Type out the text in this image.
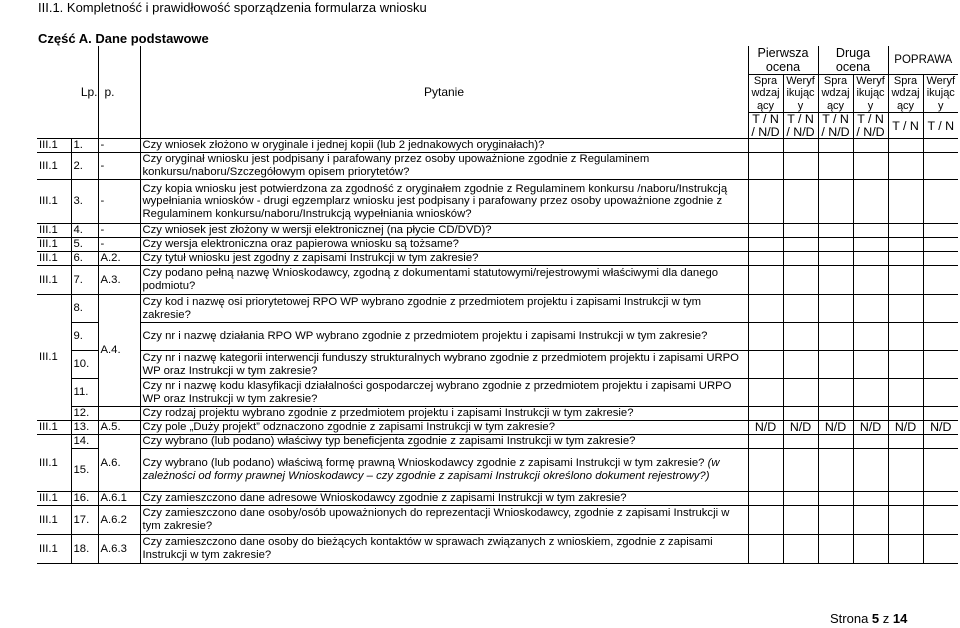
III.1. Kompletność i prawidłowość sporządzenia formularza wniosku
Część A. Dane podstawowe
Lp.		p.	Pytanie	Pierwsza ocena		Druga ocena		POPRAWA	
				Spra wdzaj ący	Weryf ikując y	Spra wdzaj ący	Weryf ikując y	Spra wdzaj ący	Weryf ikując y
				T / N / N/D	T / N / N/D	T / N / N/D	T / N / N/D	T / N	T / N
III.1	1.	-	Czy wniosek złożono w oryginale i jednej kopii (lub 2 jednakowych oryginałach)?						
III.1	2.	-	Czy oryginał wniosku jest podpisany i parafowany przez osoby upoważnione zgodnie z Regulaminem konkursu/naboru/Szczegółowym opisem priorytetów?						
III.1	3.	-	Czy kopia wniosku jest potwierdzona za zgodność z oryginałem zgodnie z Regulaminem konkursu /naboru/Instrukcją wypełniania wniosków - drugi egzemplarz wniosku jest podpisany i parafowany przez osoby upoważnione zgodnie z Regulaminem konkursu/naboru/Instrukcją wypełniania wniosków?						
III.1	4.	-	Czy wniosek jest złożony w wersji elektronicznej (na płycie CD/DVD)?						
III.1	5.	-	Czy wersja elektroniczna oraz papierowa wniosku są tożsame?						
III.1	6.	A.2.	Czy tytuł wniosku jest zgodny z zapisami Instrukcji w tym zakresie?						
III.1	7.	A.3.	Czy podano pełną nazwę Wnioskodawcy, zgodną z dokumentami statutowymi/rejestrowymi właściwymi dla danego podmiotu?						
III.1	8.	A.4.	Czy kod i nazwę osi priorytetowej RPO WP wybrano zgodnie z przedmiotem projektu i zapisami Instrukcji w tym zakresie?						
	9.		Czy nr i nazwę działania RPO WP wybrano zgodnie z przedmiotem projektu i zapisami Instrukcji w tym zakresie?						
	10.		Czy nr i nazwę kategorii interwencji funduszy strukturalnych wybrano zgodnie z przedmiotem projektu i zapisami URPO WP oraz Instrukcji w tym zakresie?						
	11.		Czy nr i nazwę kodu klasyfikacji działalności gospodarczej wybrano zgodnie z przedmiotem projektu i zapisami URPO WP oraz Instrukcji w tym zakresie?						
	12.		Czy rodzaj projektu wybrano zgodnie z przedmiotem projektu i zapisami Instrukcji w tym zakresie?						
III.1	13.	A.5.	Czy pole „Duży projekt” odznaczono zgodnie z zapisami Instrukcji w tym zakresie?	N/D	N/D	N/D	N/D	N/D	N/D
III.1	14.	A.6.	Czy wybrano (lub podano) właściwy typ beneficjenta zgodnie z zapisami Instrukcji w tym zakresie?						
	15.		Czy wybrano (lub podano) właściwą formę prawną Wnioskodawcy zgodnie z zapisami Instrukcji w tym zakresie? (w zależności od formy prawnej Wnioskodawcy – czy zgodnie z zapisami Instrukcji określono dokument rejestrowy?)						
III.1	16.	A.6.1	Czy zamieszczono dane adresowe Wnioskodawcy zgodnie z zapisami Instrukcji w tym zakresie?						
III.1	17.	A.6.2	Czy zamieszczono dane osoby/osób upoważnionych do reprezentacji Wnioskodawcy, zgodnie z zapisami Instrukcji w tym zakresie?						
III.1	18.	A.6.3	Czy zamieszczono dane osoby do bieżących kontaktów w sprawach związanych z wnioskiem, zgodnie z zapisami Instrukcji w tym zakresie?						
Strona 5 z 14
